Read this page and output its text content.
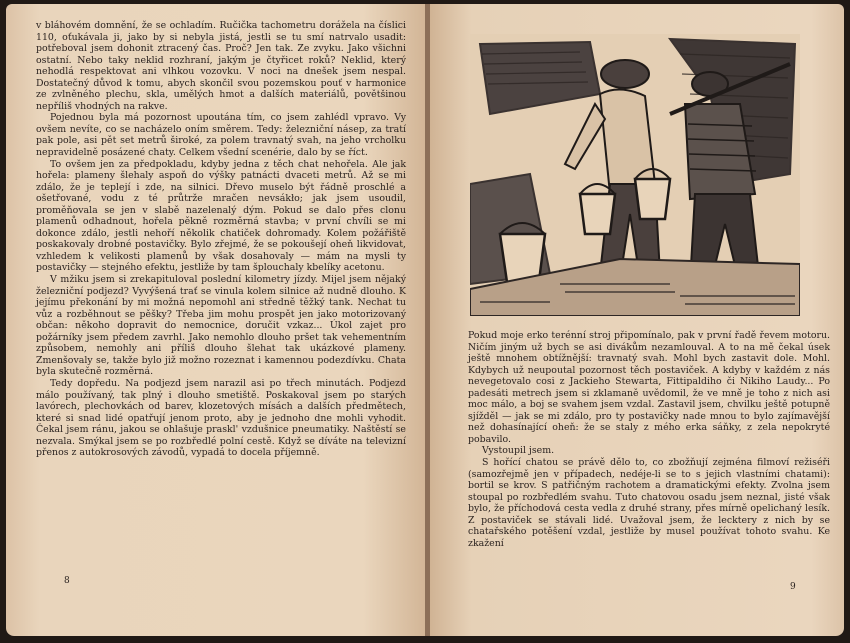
v bláhovém domnění, že se ochladím. Ručička tachometru doráželа na číslici 110, oťukávala ji, jako by si nebyla jistá, jestli se tu smí natrvalo usadit: potřeboval jsem dohonit ztracený čas. Proč? Jen tak. Ze zvyku. Jako všichni ostatní. Nebo taky neklid rozhraní, jakým je čtyřicet roků? Neklid, který nehodlá respektovat ani vlhkou vozovku. V noci na dnešek jsem nespal. Dostatečný důvod k tomu, abych skončil svou pozemskou pouť v harmonice ze zvlněného plechu, skla, umělých hmot a dalších materiálů, povětšinou nepříliš vhodných na rakve.

Pojednou byla má pozornost upoutána tím, co jsem zahlédl vpravo. Vy ovšem nevíte, co se nacházelo oním směrem. Tedy: železniční násep, za tratí pak pole, asi pět set metrů široké, za polem travnatý svah, na jeho vrcholku nepravidelně posázené chaty. Celkem všední scenérie, dalo by se říct.

To ovšem jen za předpokladu, kdyby jedna z těch chat nehořela. Ale jak hořela: plameny šlehaly aspoň do výšky patnácti dvaceti metrů. Až se mi zdálo, že je teplejí i zde, na silnici. Dřevo muselo být řádně proschlé a ošetřované, vodu z té průtrže mračen nevsákło; jak jsem usoudil, proměňovala se jen v slabě nazelenalý dým. Pokud se dalo přes clonu plamenů odhadnout, hořela pěkně rozměrná stavba; v první chvíli se mi dokonce zdálo, jestli nehoří několik chatiček dohromady. Kolem požářiště poskakovaly drobné postavičky. Bylo zřejmé, že se pokoušejí oheň likvidovat, vzhledem k velikosti plamenů by však dosahovaly — mám na mysli ty postavičky — stejného efektu, jestliže by tam šplouchaly kbelíky acetonu.

V mžiku jsem si zrekapituloval poslední kilometry jízdy. Mijel jsem nějaký železniční podjezd? Vyvýšená trať se vinula kolem silnice až nudně dlouho. K jejímu překonání by mi možná nepomohl ani středně těžký tank. Nechat tu vůz a rozběhnout se pěšky? Třeba jim mohu prospět jen jako motorizovaný občan: někoho dopravit do nemocnice, doručit vzkaz... Úkol zajet pro požárníky jsem předem zavrhl. Jako nemohlo dlouho pršet tak vehementním způsobem, nemohly ani příliš dlouho šlehat tak ukázkové plameny. Zmenšovaly se, takže bylo již možno rozeznat i kamennou podezdívku. Chata byla skutečně rozměrná.

Tedy dopředu. Na podjezd jsem narazil asi po třech minutách. Podjezd málo používaný, tak plný i dlouho smetiště. Poskakoval jsem po starých lavórech, plechovkách od barev, klozetových mísách a dalších předmětech, které si snad lidé opatřují jenom proto, aby je jednoho dne mohli vyhodit. Čekal jsem ránu, jakou se ohlašuje praskl' vzdušnice pneumatiky. Naštěstí se nezvala. Smýkal jsem se po rozbředlé polní cestě. Když se díváte na televizní přenos z autokrosových závodů, vypadá to docela příjemně.

8

Pokud moje erko terénní stroj připomínalo, pak v první řadě řevem motoru. Ničím jiným už bych se asi divákům nezamlouval. A to na mě čekal úsek ještě mnohem obtížnější: travnatý svah. Mohl bych zastavit dole. Mohl. Kdybych už neupoutal pozornost těch postaviček. A kdyby v každém z nás nevegetovalo cosi z Jackieho Stewarta, Fittipaldiho či Nikiho Laudy... Po padesáti metrech jsem si zklamaně uvědomil, že ve mně je toho z nich asi moc málo, a boj se svahem jsem vzdal. Zastavil jsem, chvilku ještě potupně sjížděl — jak se mi zdálo, pro ty postavičky nade mnou to bylo zajímavější než dohasínající oheň: že se staly z mého erka sáňky, z zela nepokryté pobavilo.

Vystoupil jsem.

S hořící chatou se právě dělo to, co zbožňují zejména filmoví režiséři (samozřejmě jen v případech, nedéje-li se to s jejich vlastními chatami): bortil se krov. S patřičným rachotem a dramatickými efekty. Zvolna jsem stoupal po rozbředlém svahu. Tuto chatovou osadu jsem neznal, jisté však bylo, že příchodová cesta vedla z druhé strany, přes mírně opelichaný lesík. Z postaviček se stávali lidé. Uvažoval jsem, že lecktery z nich by se chatařského potěšení vzdal, jestliže by musel používat tohoto svahu. Ke zkažení

9
